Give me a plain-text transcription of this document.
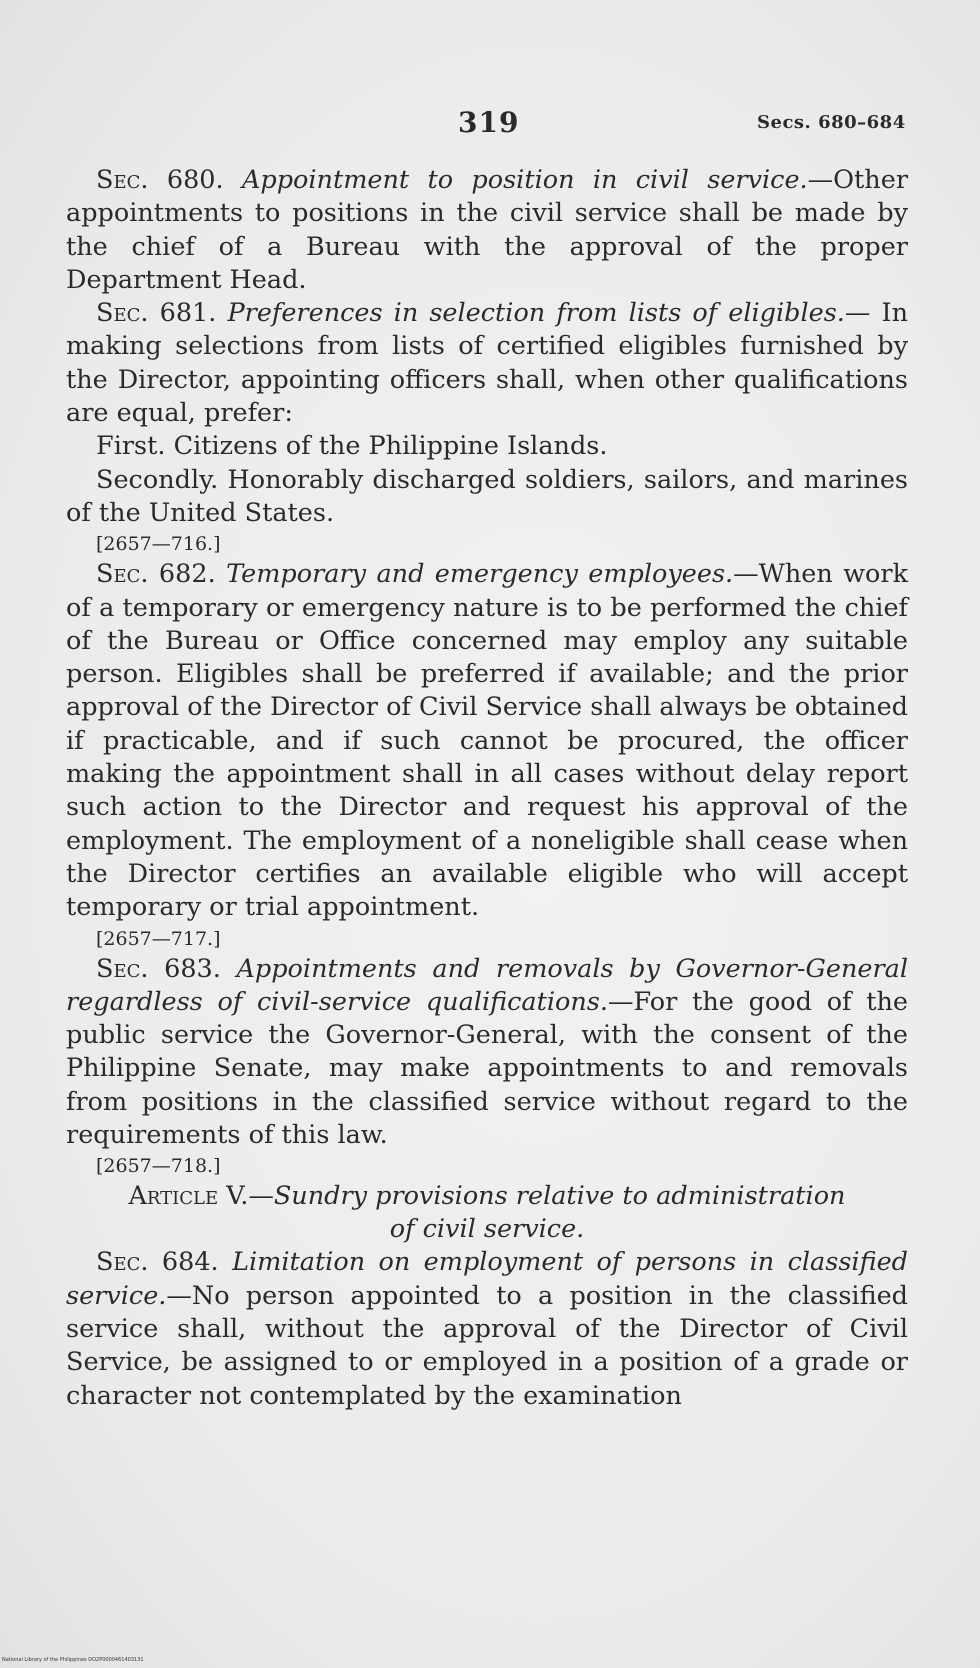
319	Secs. 680–684

Sec. 680. Appointment to position in civil service.—Other appointments to positions in the civil service shall be made by the chief of a Bureau with the approval of the proper Department Head.

Sec. 681. Preferences in selection from lists of eligibles.— In making selections from lists of certified eligibles furnished by the Director, appointing officers shall, when other qualifications are equal, prefer:

First. Citizens of the Philippine Islands.

Secondly. Honorably discharged soldiers, sailors, and marines of the United States.

[2657—716.]

Sec. 682. Temporary and emergency employees.—When work of a temporary or emergency nature is to be performed the chief of the Bureau or Office concerned may employ any suitable person. Eligibles shall be preferred if available; and the prior approval of the Director of Civil Service shall always be obtained if practicable, and if such cannot be procured, the officer making the appointment shall in all cases without delay report such action to the Director and request his approval of the employment. The employment of a noneligible shall cease when the Director certifies an available eligible who will accept temporary or trial appointment.

[2657—717.]

Sec. 683. Appointments and removals by Governor-General regardless of civil-service qualifications.—For the good of the public service the Governor-General, with the consent of the Philippine Senate, may make appointments to and removals from positions in the classified service without regard to the requirements of this law.

[2657—718.]

Article V.—Sundry provisions relative to administration
of civil service.

Sec. 684. Limitation on employment of persons in classified service.—No person appointed to a position in the classified service shall, without the approval of the Director of Civil Service, be assigned to or employed in a position of a grade or character not contemplated by the examination

National Library of the Philippines DO2P0000461403131
